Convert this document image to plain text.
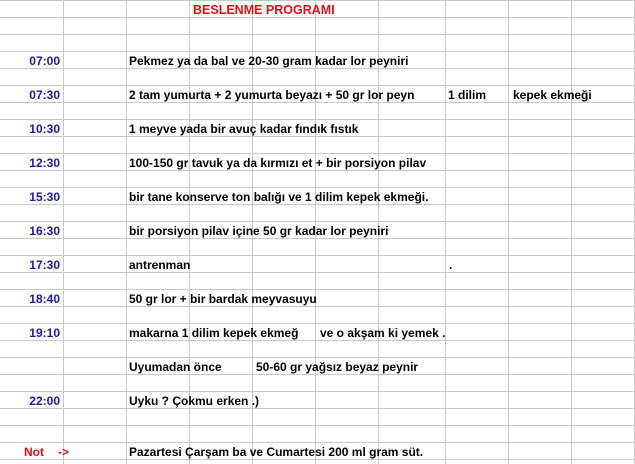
BESLENME PROGRAMI
07:00	Pekmez ya da bal ve 20-30 gram kadar lor peyniri
07:30	2 tam yumurta + 2 yumurta beyazı + 50 gr lor peyn	1 dilim kepek ekmeği
10:30	1 meyve yada bir avuç kadar fındık fıstık
12:30	100-150 gr tavuk ya da kırmızı et + bir porsiyon pilav
15:30	bir tane konserve ton balığı ve 1 dilim kepek ekmeği.
16:30	bir porsiyon pilav içine 50 gr kadar lor peyniri
17:30	antrenman	.
18:40	50 gr lor + bir bardak meyvasuyu
19:10	makarna 1 dilim kepek ekmeğ	ve o akşam ki yemek .
Uyumadan önce	50-60 gr yağsız beyaz peynir
22:00	Uyku ? Çokmu erken .)
Not ->	Pazartesi Çarşam ba ve Cumartesi 200 ml gram süt.
